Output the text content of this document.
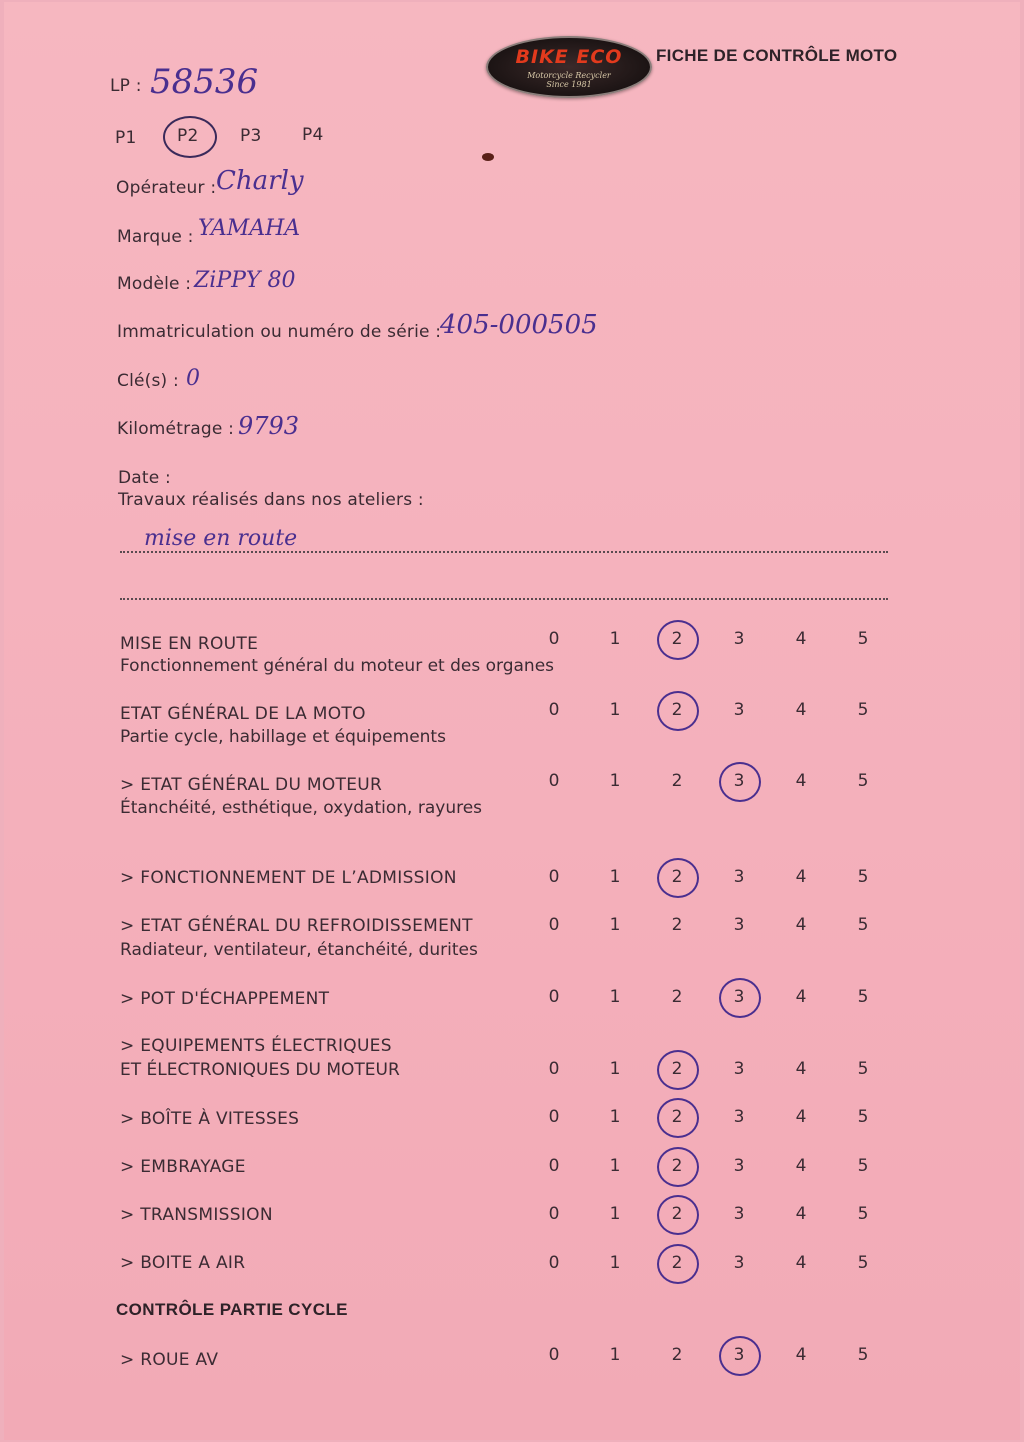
BIKE ECO
Motorcycle Recycler
Since 1981
FICHE DE CONTRÔLE MOTO
LP : 58536
P1 P2 P3 P4
Opérateur : Charly
Marque : YAMAHA
Modèle : ZiPPY 80
Immatriculation ou numéro de série :
405-000505
Clé(s) : 0
Kilométrage : 9793
Date :
Travaux réalisés dans nos ateliers :
mise en route
MISE EN ROUTE
Fonctionnement général du moteur et des organes
0	1	2	3	4	5
ETAT GÉNÉRAL DE LA MOTO
Partie cycle, habillage et équipements
0	1	2	3	4	5
> ETAT GÉNÉRAL DU MOTEUR
Étanchéité, esthétique, oxydation, rayures
0	1	2	3	4	5
> FONCTIONNEMENT DE L’ADMISSION	0	1	2	3	4	5
> ETAT GÉNÉRAL DU REFROIDISSEMENT
Radiateur, ventilateur, étanchéité, durites
0	1	2	3	4	5
> POT D'ÉCHAPPEMENT	0	1	2	3	4	5
> EQUIPEMENTS ÉLECTRIQUES
ET ÉLECTRONIQUES DU MOTEUR	0	1	2	3	4	5
> BOÎTE À VITESSES	0	1	2	3	4	5
> EMBRAYAGE	0	1	2	3	4	5
> TRANSMISSION	0	1	2	3	4	5
> BOITE A AIR	0	1	2	3	4	5
> ROUE AV	0	1	2	3	4	5
CONTRÔLE PARTIE CYCLE
